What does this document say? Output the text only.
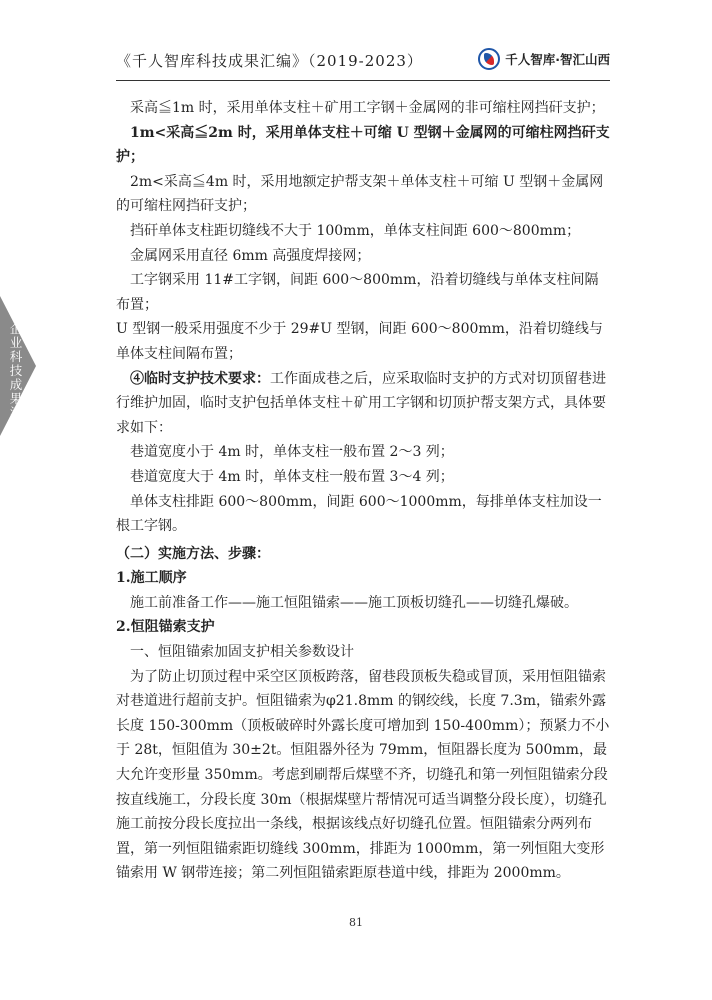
《千人智库科技成果汇编》（2019-2023）	千人智库·智汇山西
企业科技成果汇编

采高≦1m 时，采用单体支柱＋矿用工字钢＋金属网的非可缩柱网挡矸支护；

1m<采高≦2m 时，采用单体支柱＋可缩 U 型钢＋金属网的可缩柱网挡矸支护；

2m<采高≦4m 时，采用地额定护帮支架＋单体支柱＋可缩 U 型钢＋金属网的可缩柱网挡矸支护；

挡矸单体支柱距切缝线不大于 100mm，单体支柱间距 600～800mm；

金属网采用直径 6mm 高强度焊接网；

工字钢采用 11#工字钢，间距 600～800mm，沿着切缝线与单体支柱间隔布置；

U 型钢一般采用强度不少于 29#U 型钢，间距 600～800mm，沿着切缝线与单体支柱间隔布置；

④临时支护技术要求：工作面成巷之后，应采取临时支护的方式对切顶留巷进行维护加固，临时支护包括单体支柱＋矿用工字钢和切顶护帮支架方式，具体要求如下：

巷道宽度小于 4m 时，单体支柱一般布置 2～3 列；

巷道宽度大于 4m 时，单体支柱一般布置 3～4 列；

单体支柱排距 600～800mm，间距 600～1000mm，每排单体支柱加设一根工字钢。

（二）实施方法、步骤：

1.施工顺序

施工前准备工作——施工恒阻锚索——施工顶板切缝孔——切缝孔爆破。

2.恒阻锚索支护

一、恒阻锚索加固支护相关参数设计

为了防止切顶过程中采空区顶板跨落，留巷段顶板失稳或冒顶，采用恒阻锚索对巷道进行超前支护。恒阻锚索为φ21.8mm 的钢绞线，长度 7.3m，锚索外露长度 150-300mm（顶板破碎时外露长度可增加到 150-400mm）；预紧力不小于 28t，恒阻值为 30±2t。恒阻器外径为 79mm，恒阻器长度为 500mm，最大允许变形量 350mm。考虑到刷帮后煤壁不齐，切缝孔和第一列恒阻锚索分段按直线施工，分段长度 30m（根据煤壁片帮情况可适当调整分段长度），切缝孔施工前按分段长度拉出一条线，根据该线点好切缝孔位置。恒阻锚索分两列布置，第一列恒阻锚索距切缝线 300mm，排距为 1000mm，第一列恒阻大变形锚索用 W 钢带连接；第二列恒阻锚索距原巷道中线，排距为 2000mm。

81
